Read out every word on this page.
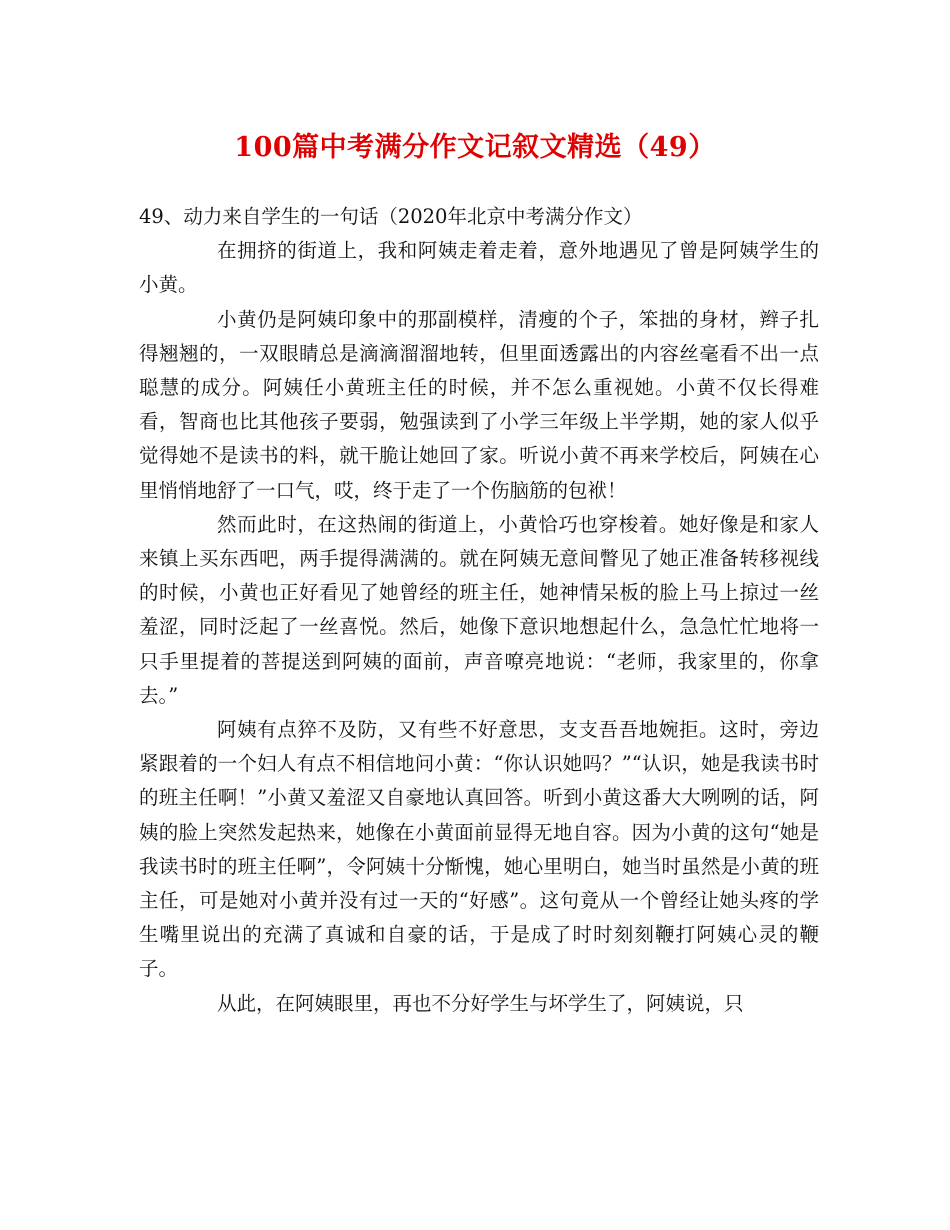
100篇中考满分作文记叙文精选（49）

49、动力来自学生的一句话（2020年北京中考满分作文）

在拥挤的街道上，我和阿姨走着走着，意外地遇见了曾是阿姨学生的小黄。

小黄仍是阿姨印象中的那副模样，清瘦的个子，笨拙的身材，辫子扎得翘翘的，一双眼睛总是滴滴溜溜地转，但里面透露出的内容丝毫看不出一点聪慧的成分。阿姨任小黄班主任的时候，并不怎么重视她。小黄不仅长得难看，智商也比其他孩子要弱，勉强读到了小学三年级上半学期，她的家人似乎觉得她不是读书的料，就干脆让她回了家。听说小黄不再来学校后，阿姨在心里悄悄地舒了一口气，哎，终于走了一个伤脑筋的包袱！

然而此时，在这热闹的街道上，小黄恰巧也穿梭着。她好像是和家人来镇上买东西吧，两手提得满满的。就在阿姨无意间瞥见了她正准备转移视线的时候，小黄也正好看见了她曾经的班主任，她神情呆板的脸上马上掠过一丝羞涩，同时泛起了一丝喜悦。然后，她像下意识地想起什么，急急忙忙地将一只手里提着的菩提送到阿姨的面前，声音嘹亮地说：“老师，我家里的，你拿去。”

阿姨有点猝不及防，又有些不好意思，支支吾吾地婉拒。这时，旁边紧跟着的一个妇人有点不相信地问小黄：“你认识她吗？”“认识，她是我读书时的班主任啊！”小黄又羞涩又自豪地认真回答。听到小黄这番大大咧咧的话，阿姨的脸上突然发起热来，她像在小黄面前显得无地自容。因为小黄的这句“她是我读书时的班主任啊”，令阿姨十分惭愧，她心里明白，她当时虽然是小黄的班主任，可是她对小黄并没有过一天的“好感”。这句竟从一个曾经让她头疼的学生嘴里说出的充满了真诚和自豪的话，于是成了时时刻刻鞭打阿姨心灵的鞭子。

从此，在阿姨眼里，再也不分好学生与坏学生了，阿姨说，只
